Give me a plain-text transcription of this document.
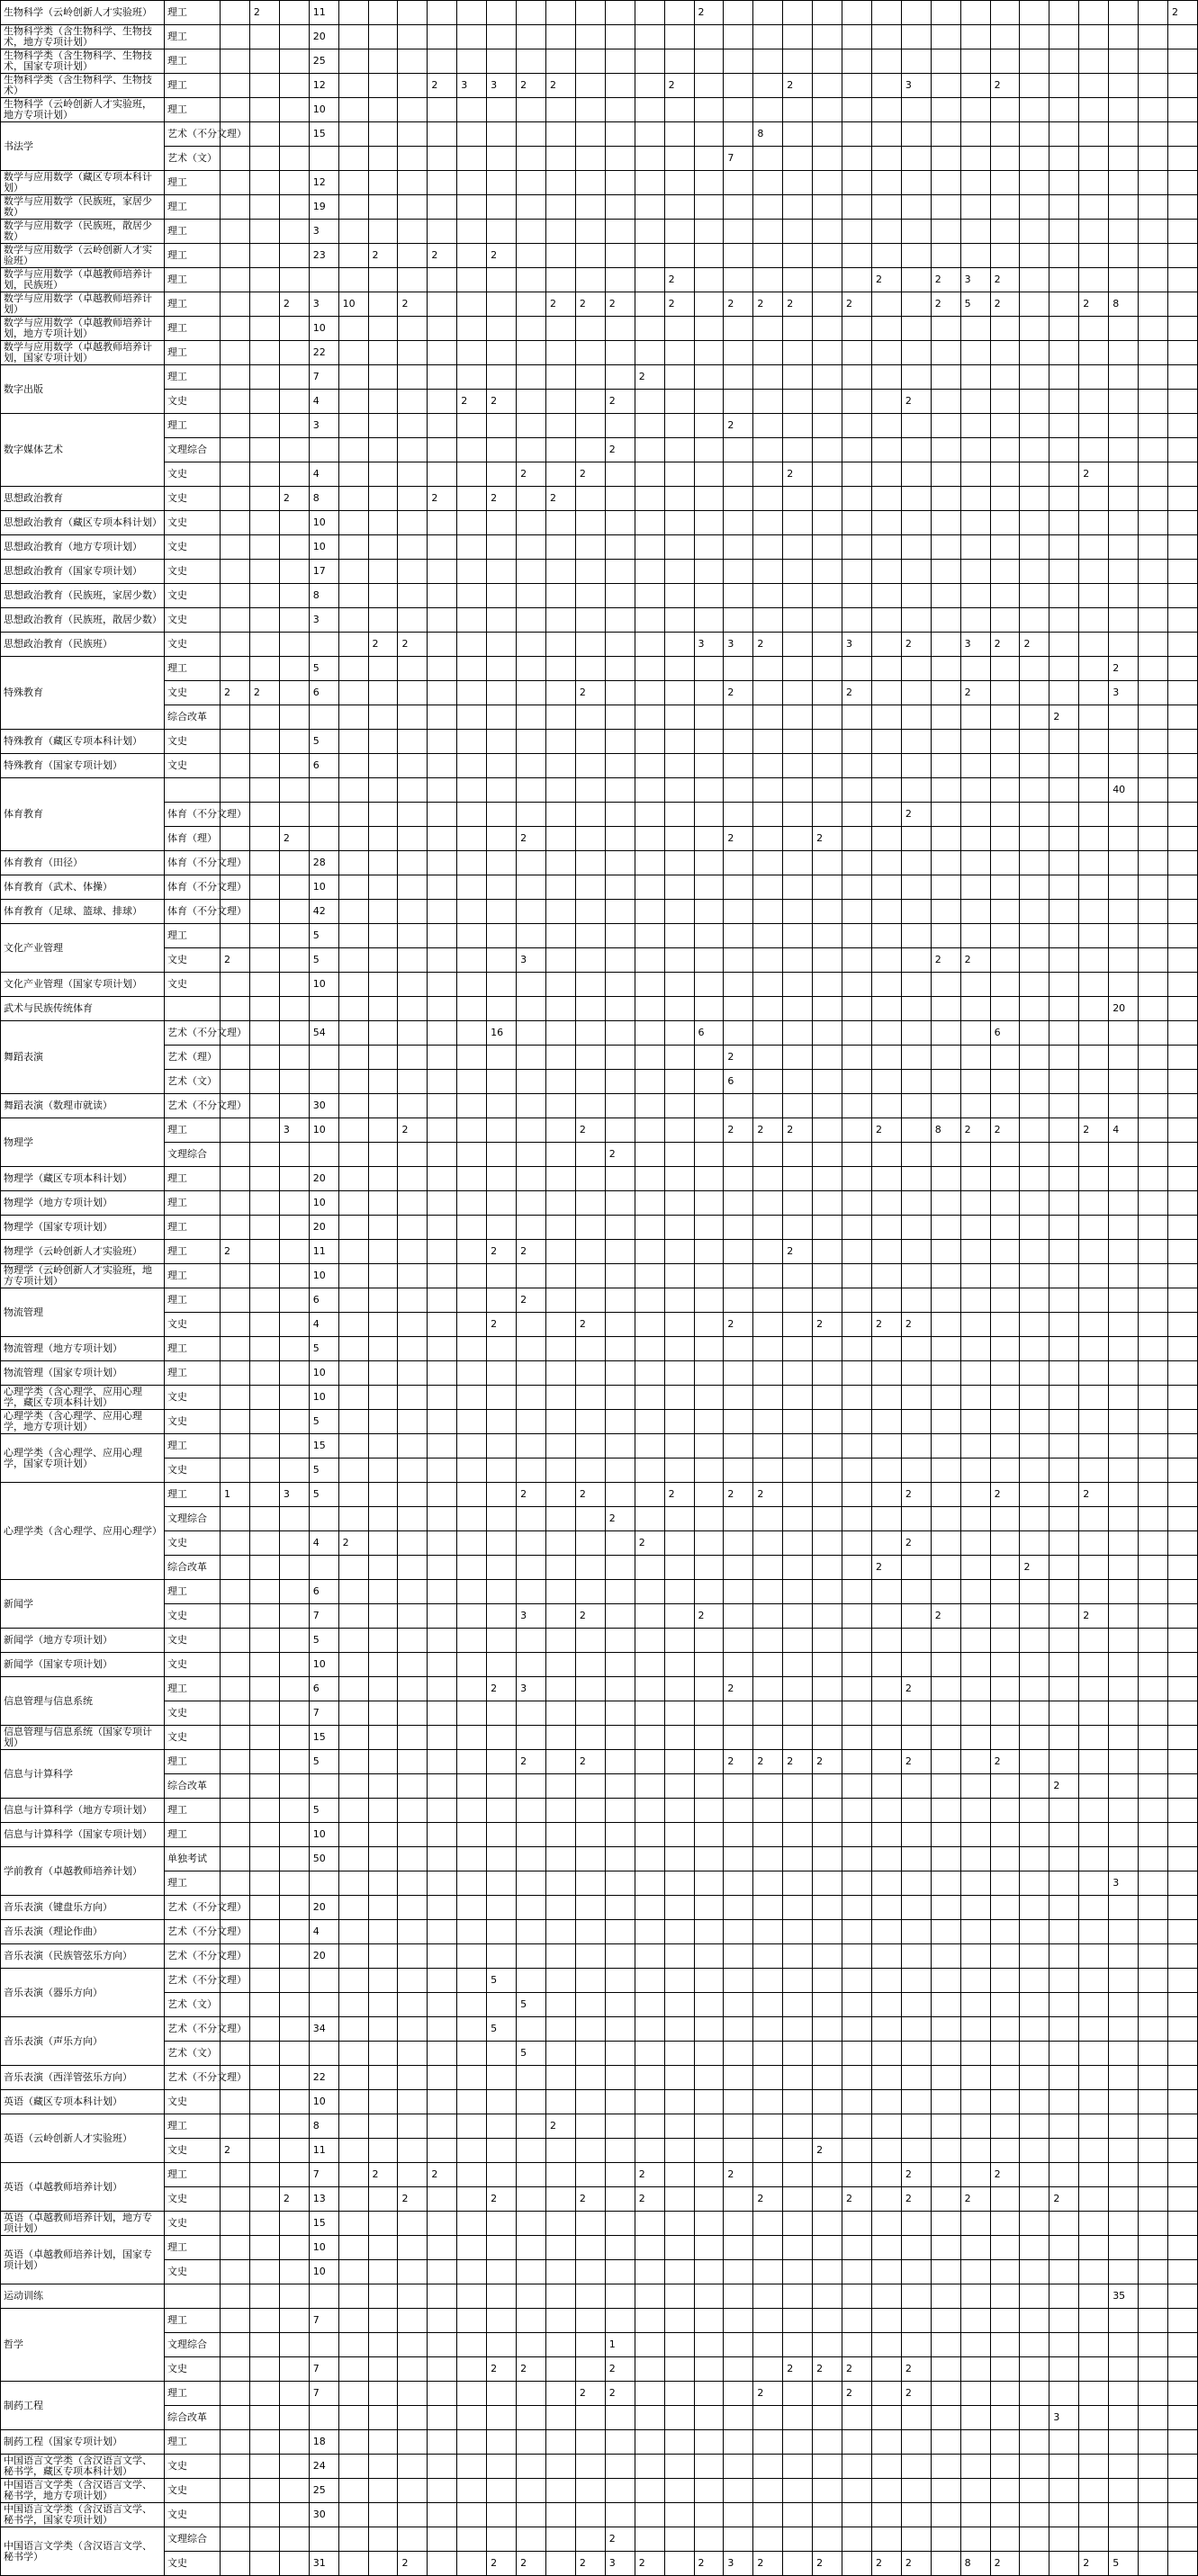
生物科学（云岭创新人才实验班）	理工		2		11													2																2
生物科学类（含生物科学、生物技术，地方专项计划）	理工				20																													
生物科学类（含生物科学、生物技术，国家专项计划）	理工				25																													
生物科学类（含生物科学、生物技术）	理工				12				2	3	3	2	2				2				2				3			2						
生物科学（云岭创新人才实验班，地方专项计划）	理工				10																													
书法学	艺术（不分文理）				15															8														
	艺术（文）																		7															
数学与应用数学（藏区专项本科计划）	理工				12																													
数学与应用数学（民族班，家居少数）	理工				19																													
数学与应用数学（民族班，散居少数）	理工				3																													
数学与应用数学（云岭创新人才实验班）	理工				23		2		2		2																							
数学与应用数学（卓越教师培养计划，民族班）	理工																2							2		2	3	2						
数学与应用数学（卓越教师培养计划）	理工			2	3	10		2					2	2	2		2		2	2	2		2			2	5	2			2	8		
数学与应用数学（卓越教师培养计划，地方专项计划）	理工				10																													
数学与应用数学（卓越教师培养计划，国家专项计划）	理工				22																													
数字出版	理工				7											2																		
	文史				4					2	2				2										2									
数字媒体艺术	理工				3														2															
	文理综合														2																			
	文史				4							2		2							2										2			
思想政治教育	文史			2	8				2		2		2																					
思想政治教育（藏区专项本科计划）	文史				10																													
思想政治教育（地方专项计划）	文史				10																													
思想政治教育（国家专项计划）	文史				17																													
思想政治教育（民族班，家居少数）	文史				8																													
思想政治教育（民族班，散居少数）	文史				3																													
思想政治教育（民族班）	文史						2	2										3	3	2			3		2		3	2	2					
特殊教育	理工				5																											2		
	文史	2	2		6									2					2				2				2					3		
	综合改革																													2				
特殊教育（藏区专项本科计划）	文史				5																													
特殊教育（国家专项计划）	文史				6																													
体育教育																																40		
	体育（不分文理）																								2									
	体育（理）			2								2							2			2												
体育教育（田径）	体育（不分文理）				28																													
体育教育（武术、体操）	体育（不分文理）				10																													
体育教育（足球、篮球、排球）	体育（不分文理）				42																													
文化产业管理	理工				5																													
	文史	2			5							3														2	2							
文化产业管理（国家专项计划）	文史				10																													
武术与民族传统体育																																20		
舞蹈表演	艺术（不分文理）				54						16							6										6						
	艺术（理）																		2															
	艺术（文）																		6															
舞蹈表演（数理市就读）	艺术（不分文理）				30																													
物理学	理工			3	10			2						2					2	2	2			2		8	2	2			2	4		
	文理综合														2																			
物理学（藏区专项本科计划）	理工				20																													
物理学（地方专项计划）	理工				10																													
物理学（国家专项计划）	理工				20																													
物理学（云岭创新人才实验班）	理工	2			11						2	2									2													
物理学（云岭创新人才实验班，地方专项计划）	理工				10																													
物流管理	理工				6							2																						
	文史				4						2			2					2			2		2	2									
物流管理（地方专项计划）	理工				5																													
物流管理（国家专项计划）	理工				10																													
心理学类（含心理学、应用心理学，藏区专项本科计划）	文史				10																													
心理学类（含心理学、应用心理学，地方专项计划）	文史				5																													
心理学类（含心理学、应用心理学，国家专项计划）	理工				15																													
	文史				5																													
心理学类（含心理学、应用心理学）	理工	1		3	5							2		2			2		2	2					2			2			2			
	文理综合														2																			
	文史				4	2										2									2									
	综合改革																							2					2					
新闻学	理工				6																													
	文史				7							3		2				2								2					2			
新闻学（地方专项计划）	文史				5																													
新闻学（国家专项计划）	文史				10																													
信息管理与信息系统	理工				6						2	3							2						2									
	文史				7																													
信息管理与信息系统（国家专项计划）	文史				15																													
信息与计算科学	理工				5							2		2					2	2	2	2			2			2						
	综合改革																													2				
信息与计算科学（地方专项计划）	理工				5																													
信息与计算科学（国家专项计划）	理工				10																													
学前教育（卓越教师培养计划）	单独考试				50																													
	理工																															3		
音乐表演（键盘乐方向）	艺术（不分文理）				20																													
音乐表演（理论作曲）	艺术（不分文理）				4																													
音乐表演（民族管弦乐方向）	艺术（不分文理）				20																													
音乐表演（器乐方向）	艺术（不分文理）										5																							
	艺术（文）											5																						
音乐表演（声乐方向）	艺术（不分文理）				34						5																							
	艺术（文）											5																						
音乐表演（西洋管弦乐方向）	艺术（不分文理）				22																													
英语（藏区专项本科计划）	文史				10																													
英语（云岭创新人才实验班）	理工				8								2																					
	文史	2			11																	2												
英语（卓越教师培养计划）	理工				7		2		2							2			2						2			2						
	文史			2	13			2			2			2		2				2			2		2		2			2				
英语（卓越教师培养计划，地方专项计划）	文史				15																													
英语（卓越教师培养计划，国家专项计划）	理工				10																													
	文史				10																													
运动训练																																35		
哲学	理工				7																													
	文理综合														1																			
	文史				7						2	2			2						2	2	2		2									
制药工程	理工				7									2	2					2			2		2									
	综合改革																													3				
制药工程（国家专项计划）	理工				18																													
中国语言文学类（含汉语言文学、秘书学，藏区专项本科计划）	文史				24																													
中国语言文学类（含汉语言文学、秘书学，地方专项计划）	文史				25																													
中国语言文学类（含汉语言文学、秘书学，国家专项计划）	文史				30																													
中国语言文学类（含汉语言文学、秘书学）	文理综合														2																			
	文史				31			2			2	2		2	3	2		2	3	2		2		2	2		8	2			2	5		
